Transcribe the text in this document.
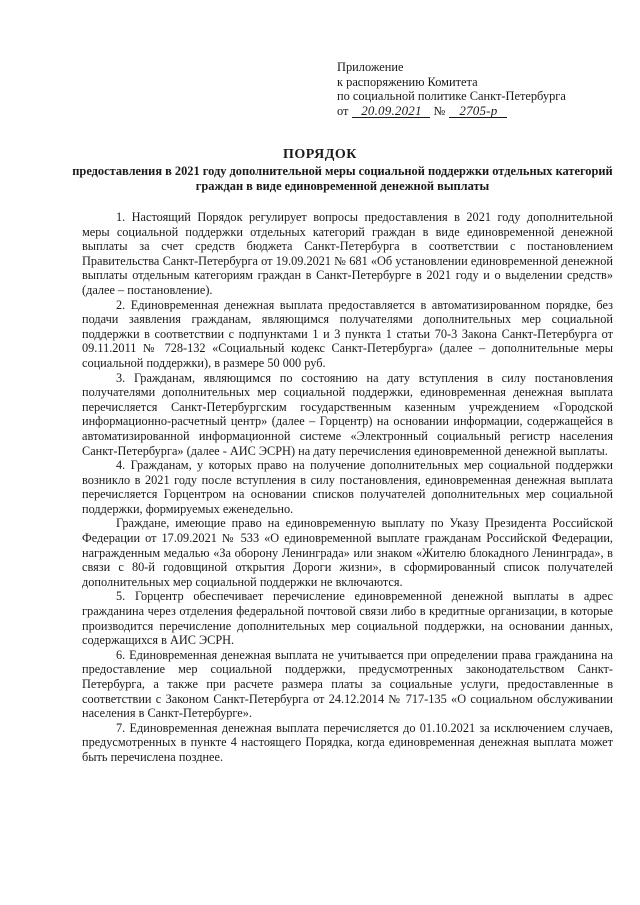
Приложение
к распоряжению Комитета
по социальной политике Санкт-Петербурга
от 20.09.2021 № 2705-р
ПОРЯДОК
предоставления в 2021 году дополнительной меры социальной поддержки отдельных категорий граждан в виде единовременной денежной выплаты

1. Настоящий Порядок регулирует вопросы предоставления в 2021 году дополнительной меры социальной поддержки отдельных категорий граждан в виде единовременной денежной выплаты за счет средств бюджета Санкт-Петербурга в соответствии с постановлением Правительства Санкт-Петербурга от 19.09.2021 № 681 «Об установлении единовременной денежной выплаты отдельным категориям граждан в Санкт-Петербурге в 2021 году и о выделении средств» (далее – постановление).

2. Единовременная денежная выплата предоставляется в автоматизированном порядке, без подачи заявления гражданам, являющимся получателями дополнительных мер социальной поддержки в соответствии с подпунктами 1 и 3 пункта 1 статьи 70-3 Закона Санкт-Петербурга от 09.11.2011 № 728-132 «Социальный кодекс Санкт-Петербурга» (далее – дополнительные меры социальной поддержки), в размере 50 000 руб.

3. Гражданам, являющимся по состоянию на дату вступления в силу постановления получателями дополнительных мер социальной поддержки, единовременная денежная выплата перечисляется Санкт-Петербургским государственным казенным учреждением «Городской информационно-расчетный центр» (далее – Горцентр) на основании информации, содержащейся в автоматизированной информационной системе «Электронный социальный регистр населения Санкт-Петербурга» (далее - АИС ЭСРН) на дату перечисления единовременной денежной выплаты.

4. Гражданам, у которых право на получение дополнительных мер социальной поддержки возникло в 2021 году после вступления в силу постановления, единовременная денежная выплата перечисляется Горцентром на основании списков получателей дополнительных мер социальной поддержки, формируемых еженедельно.

Граждане, имеющие право на единовременную выплату по Указу Президента Российской Федерации от 17.09.2021 № 533 «О единовременной выплате гражданам Российской Федерации, награжденным медалью «За оборону Ленинграда» или знаком «Жителю блокадного Ленинграда», в связи с 80-й годовщиной открытия Дороги жизни», в сформированный список получателей дополнительных мер социальной поддержки не включаются.

5. Горцентр обеспечивает перечисление единовременной денежной выплаты в адрес гражданина через отделения федеральной почтовой связи либо в кредитные организации, в которые производится перечисление дополнительных мер социальной поддержки, на основании данных, содержащихся в АИС ЭСРН.

6. Единовременная денежная выплата не учитывается при определении права гражданина на предоставление мер социальной поддержки, предусмотренных законодательством Санкт-Петербурга, а также при расчете размера платы за социальные услуги, предоставленные в соответствии с Законом Санкт-Петербурга от 24.12.2014 № 717-135 «О социальном обслуживании населения в Санкт-Петербурге».

7. Единовременная денежная выплата перечисляется до 01.10.2021 за исключением случаев, предусмотренных в пункте 4 настоящего Порядка, когда единовременная денежная выплата может быть перечислена позднее.
